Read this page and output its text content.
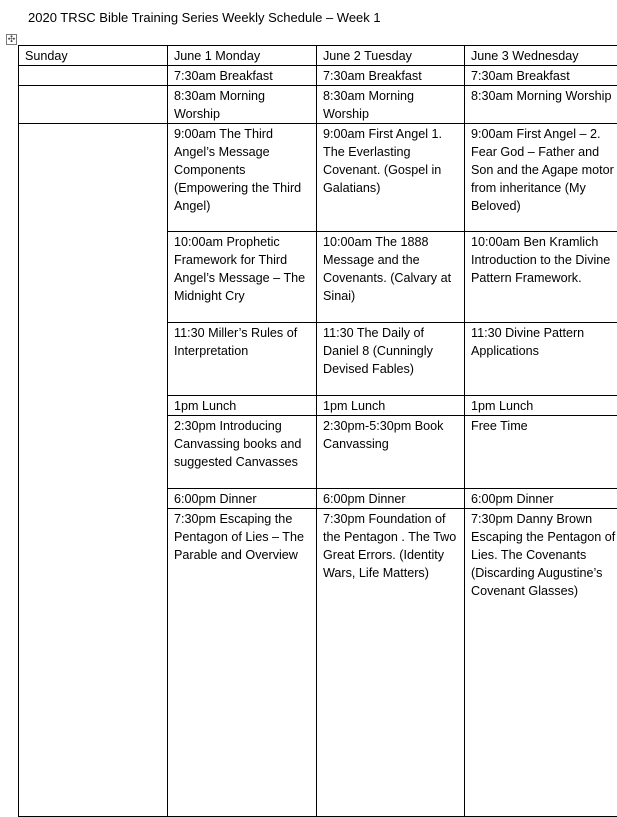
2020 TRSC Bible Training Series Weekly Schedule – Week 1
✣
Sunday	June 1 Monday	June 2 Tuesday	June 3 Wednesday	
	7:30am Breakfast	7:30am Breakfast	7:30am Breakfast	
	8:30am Morning Worship	8:30am Morning Worship	8:30am Morning Worship	
	9:00am The Third Angel’s Message Components (Empowering the Third Angel)	9:00am First Angel 1. The Everlasting Covenant. (Gospel in Galatians)	9:00am First Angel – 2. Fear God – Father and Son and the Agape motor from inheritance (My Beloved)	
	10:00am Prophetic Framework for Third Angel’s Message – The Midnight Cry	10:00am The 1888 Message and the Covenants. (Calvary at Sinai)	10:00am Ben Kramlich Introduction to the Divine Pattern Framework.	
	11:30 Miller’s Rules of Interpretation	11:30 The Daily of Daniel 8 (Cunningly Devised Fables)	11:30 Divine Pattern Applications	
	1pm Lunch	1pm Lunch	1pm Lunch	
	2:30pm Introducing Canvassing books and suggested Canvasses	2:30pm-5:30pm Book Canvassing	Free Time	
	6:00pm Dinner	6:00pm Dinner	6:00pm Dinner	
	7:30pm Escaping the Pentagon of Lies – The Parable and Overview	7:30pm Foundation of the Pentagon . The Two Great Errors. (Identity Wars, Life Matters)	7:30pm Danny Brown Escaping the Pentagon of Lies. The Covenants (Discarding Augustine’s Covenant Glasses)	
